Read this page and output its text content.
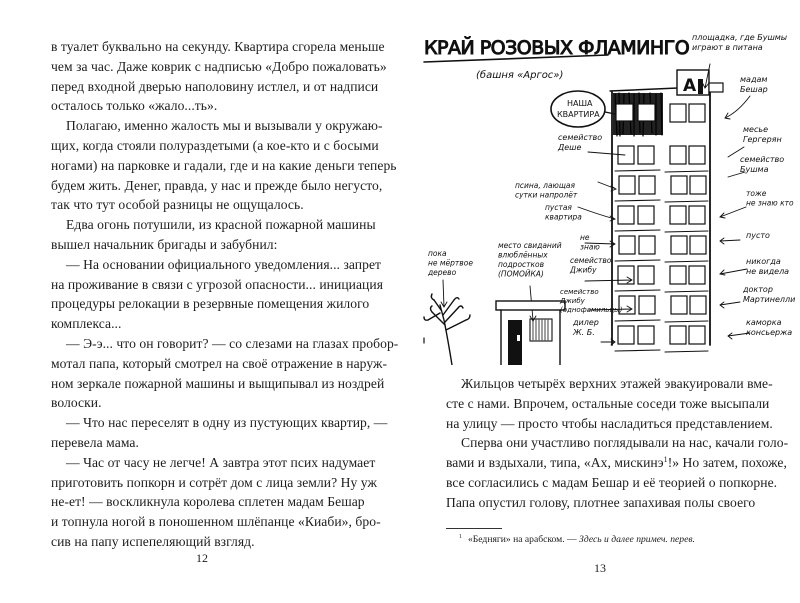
в туалет буквально на секунду. Квартира сгорела меньше
чем за час. Даже коврик с надписью «Добро пожаловать»
перед входной дверью наполовину истлел, и от надписи
осталось только «жало...ть».
Полагаю, именно жалость мы и вызывали у окружаю-
щих, когда стояли полураздетыми (а кое-кто и с босыми
ногами) на парковке и гадали, где и на какие деньги теперь
будем жить. Денег, правда, у нас и прежде было негусто,
так что тут особой разницы не ощущалось.
Едва огонь потушили, из красной пожарной машины
вышел начальник бригады и забубнил:
— На основании официального уведомления... запрет
на проживание в связи с угрозой опасности... инициация
процедуры релокации в резервные помещения жилого
комплекса...
— Э-э... что он говорит? — со слезами на глазах пробор-
мотал папа, который смотрел на своё отражение в наруж-
ном зеркале пожарной машины и выщипывал из ноздрей
волоски.
— Что нас переселят в одну из пустующих квартир, —
перевела мама.
— Час от часу не легче! А завтра этот псих надумает
приготовить попкорн и сотрёт дом с лица земли? Ну уж
не-ет! — воскликнула королева сплетен мадам Бешар
и топнула ногой в поношенном шлёпанце «Киаби», бро-
сив на папу испепеляющий взгляд.
12
КРАЙ РОЗОВЫХ ФЛАМИНГО
(башня «Аргос»)
А
НАША
КВАРТИРА
площадка, где Бушмы играют в питана
мадам Бешар
месье Гергерян
семейство Деше
семейство Бушма
псина, лающая сутки напролёт	тоже не знаю кто
пустая квартира
пусто
пока не мёртвое дерево
место свиданий влюблённых подростков (ПОМОЙКА)
не знаю
никогда не видела
семейство Джибу
семейство Джибу (однофамильцы)
доктор Мартинелли
дилер Ж. Б.
каморка консьержа
Жильцов четырёх верхних этажей эвакуировали вме-
сте с нами. Впрочем, остальные соседи тоже высыпали
на улицу — просто чтобы насладиться представлением.
Сперва они участливо поглядывали на нас, качали голо-
вами и вздыхали, типа, «Ах, мискинэ$^1$!» Но затем, похоже,
все согласились с мадам Бешар и её теорией о попкорне.
Папа опустил голову, плотнее запахивая полы своего
$^1$ «Бедняги» на арабском. — Здесь и далее примеч. перев.
13
